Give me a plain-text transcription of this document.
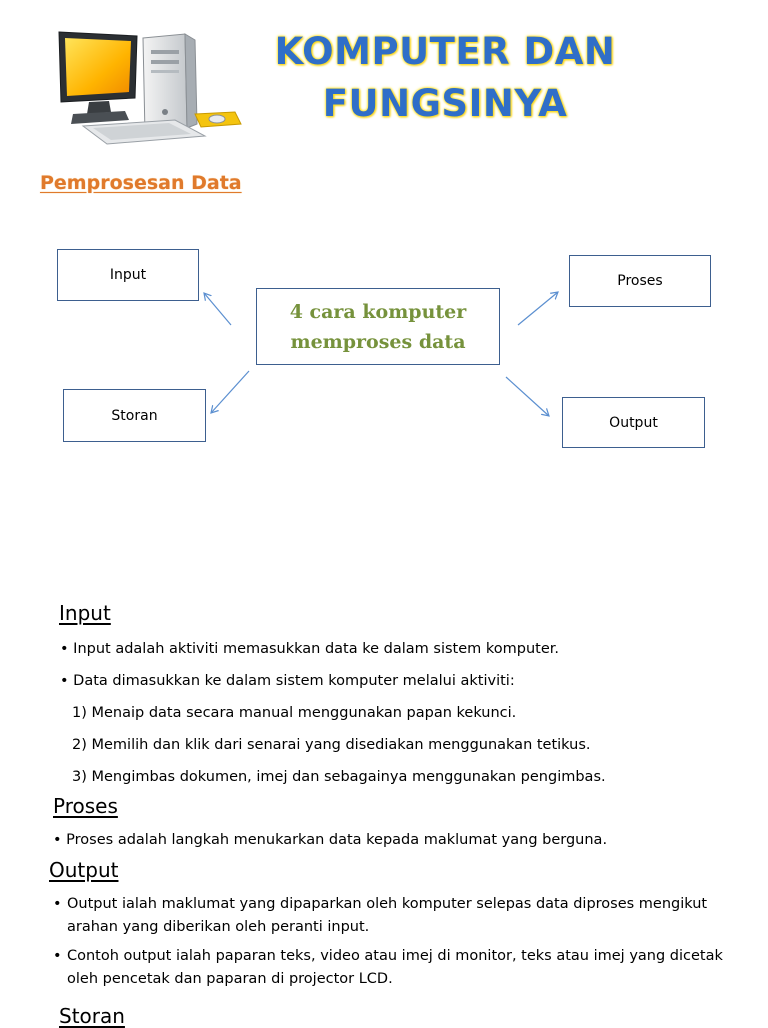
KOMPUTER DAN
FUNGSINYA
Pemprosesan Data
4 cara komputer
memproses data
Input	Proses
Storan	Output
Input
• Input adalah aktiviti memasukkan data ke dalam sistem komputer.
• Data dimasukkan ke dalam sistem komputer melalui aktiviti:
1) Menaip data secara manual menggunakan papan kekunci.
2) Memilih dan klik dari senarai yang disediakan menggunakan tetikus.
3) Mengimbas dokumen, imej dan sebagainya menggunakan pengimbas.
Proses
• Proses adalah langkah menukarkan data kepada maklumat yang berguna.
Output
• Output ialah maklumat yang dipaparkan oleh komputer selepas data diproses mengikut arahan yang diberikan oleh peranti input.
• Contoh output ialah paparan teks, video atau imej di monitor, teks atau imej yang dicetak oleh pencetak dan paparan di projector LCD.
Storan
